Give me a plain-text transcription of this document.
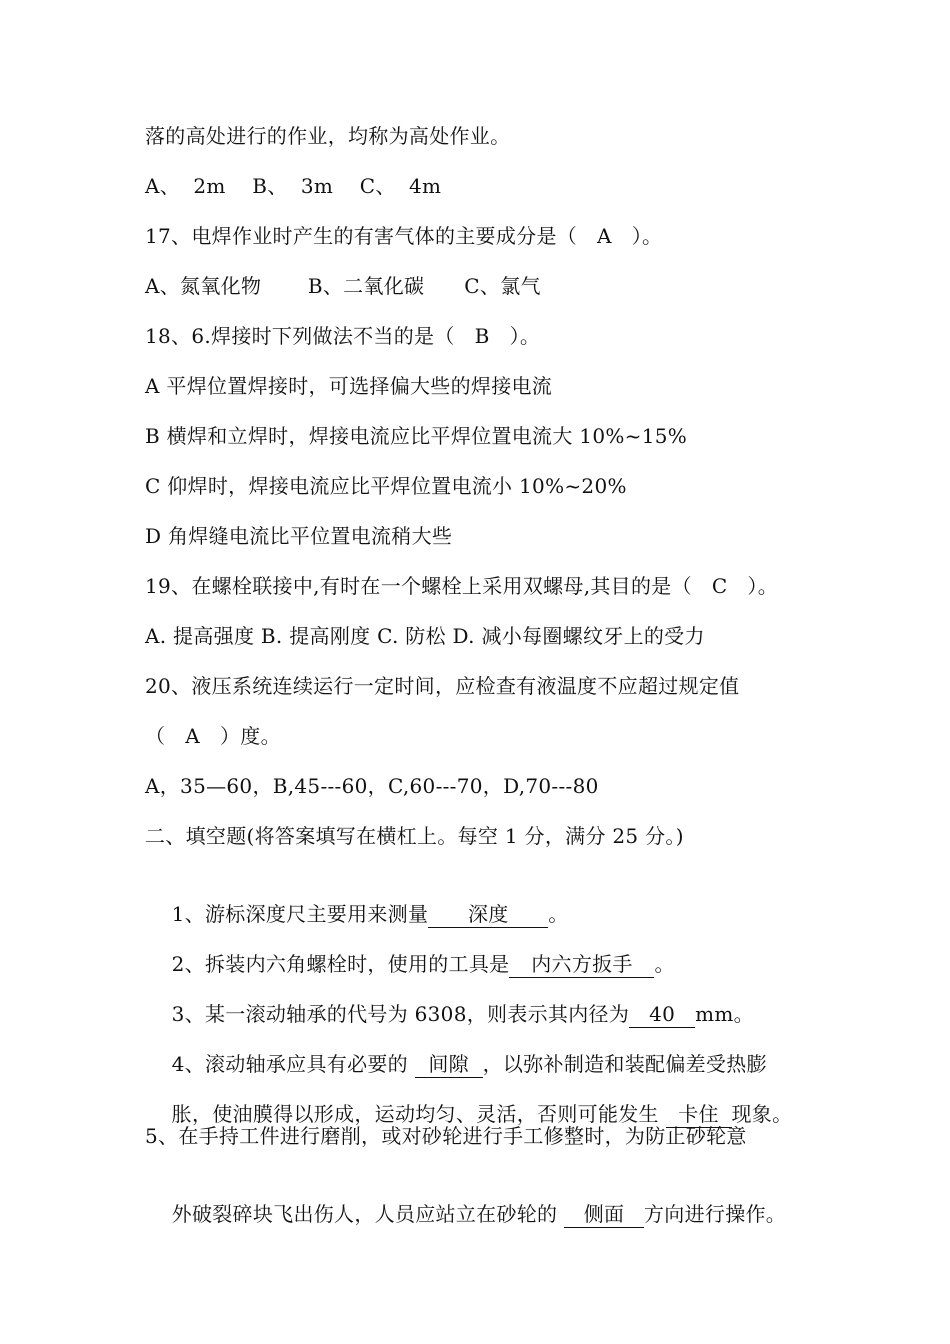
落的高处进行的作业，均称为高处作业。
A、  2m    B、  3m    C、  4m
17、电焊作业时产生的有害气体的主要成分是（   A   ）。
A、氮氧化物       B、二氧化碳      C、氯气
18、6.焊接时下列做法不当的是（   B   ）。
A 平焊位置焊接时，可选择偏大些的焊接电流
B 横焊和立焊时，焊接电流应比平焊位置电流大 10%~15%
C 仰焊时，焊接电流应比平焊位置电流小 10%~20%
D 角焊缝电流比平位置电流稍大些
19、在螺栓联接中,有时在一个螺栓上采用双螺母,其目的是（   C   ）。
A. 提高强度 B. 提高刚度 C. 防松 D. 减小每圈螺纹牙上的受力
20、液压系统连续运行一定时间，应检查有液温度不应超过规定值
（   A   ）度。
A，35—60，B,45---60，C,60---70，D,70---80
二、填空题(将答案填写在横杠上。每空 1 分，满分 25 分。)

1、游标深度尺主要用来测量 深度 。

2、拆装内六角螺栓时，使用的工具是 内六方扳手 。

3、某一滚动轴承的代号为 6308，则表示其内径为 40 mm。

4、滚动轴承应具有必要的 间隙 ，以弥补制造和装配偏差受热膨

胀，使油膜得以形成，运动均匀、灵活，否则可能发生 卡住 现象。

5、在手持工件进行磨削，或对砂轮进行手工修整时，为防止砂轮意

外破裂碎块飞出伤人，人员应站立在砂轮的 侧面 方向进行操作。
